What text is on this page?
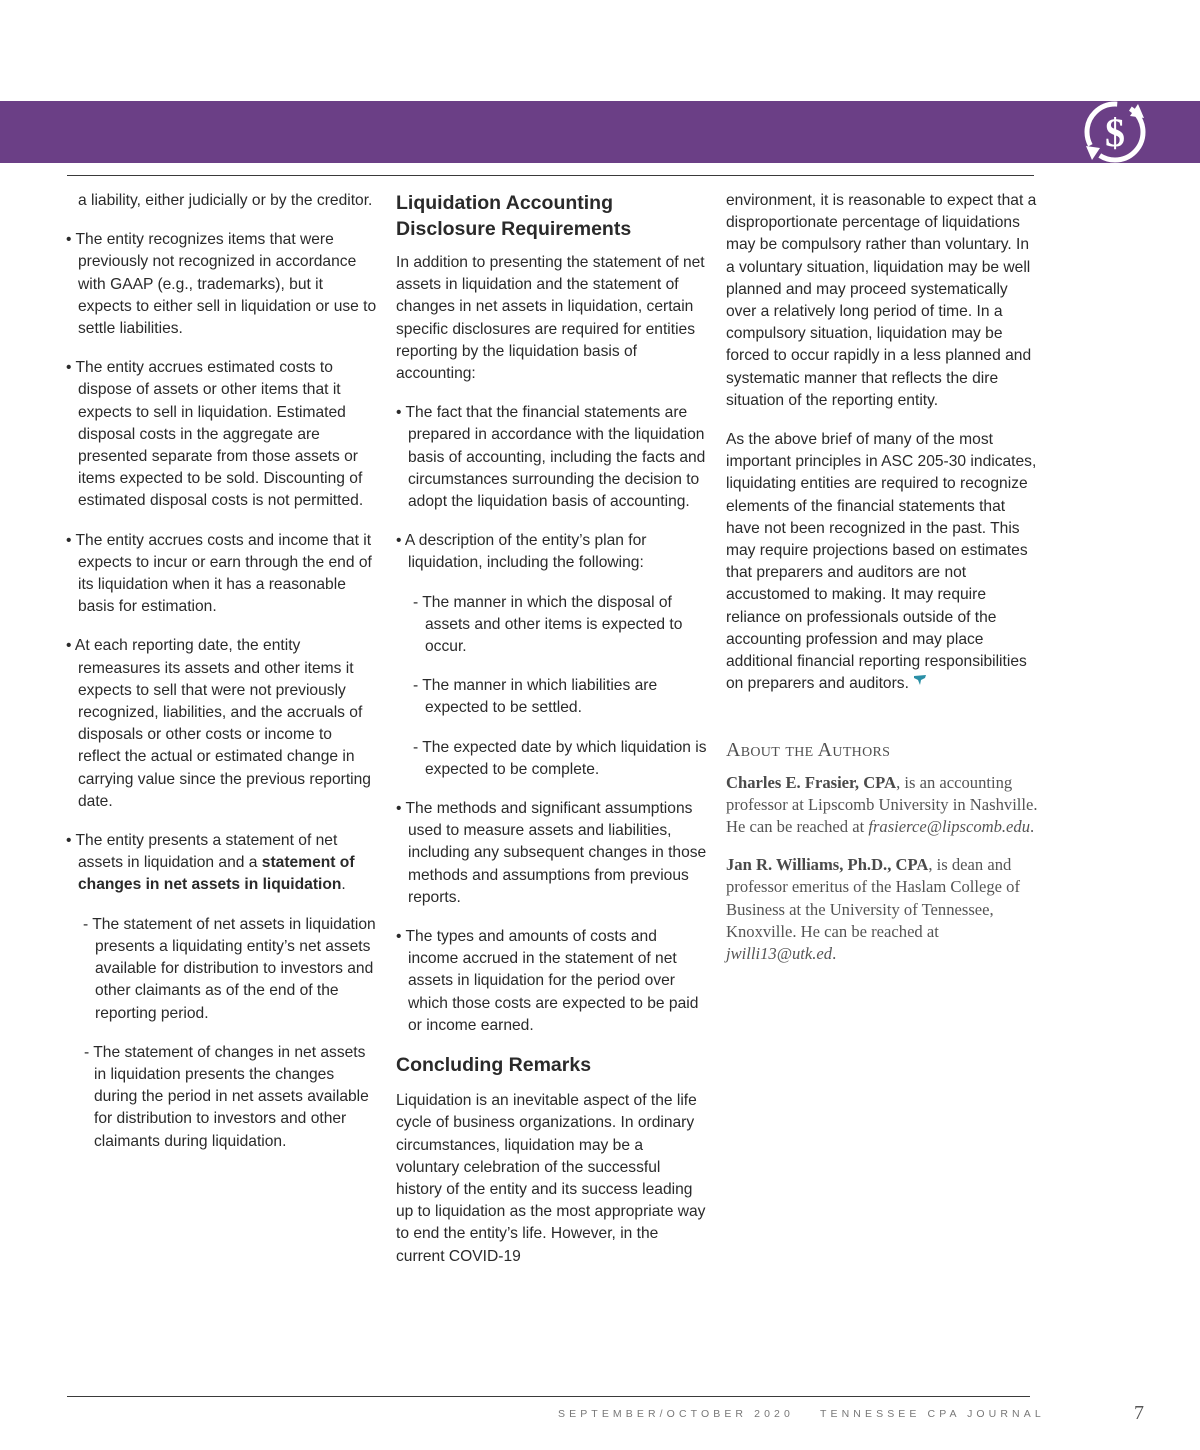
$

a liability, either judicially or by the creditor.

• The entity recognizes items that were previously not recognized in accordance with GAAP (e.g., trademarks), but it expects to either sell in liquidation or use to settle liabilities.

• The entity accrues estimated costs to dispose of assets or other items that it expects to sell in liquidation. Estimated disposal costs in the aggregate are presented separate from those assets or items expected to be sold. Discounting of estimated disposal costs is not permitted.

• The entity accrues costs and income that it expects to incur or earn through the end of its liquidation when it has a reasonable basis for estimation.

• At each reporting date, the entity remeasures its assets and other items it expects to sell that were not previously recognized, liabilities, and the accruals of disposals or other costs or income to reflect the actual or estimated change in carrying value since the previous reporting date.

• The entity presents a statement of net assets in liquidation and a statement of changes in net assets in liquidation.

- The statement of net assets in liquidation presents a liquidating entity’s net assets available for distribution to investors and other claimants as of the end of the reporting period.

- The statement of changes in net assets in liquidation presents the changes during the period in net assets available for distribution to investors and other claimants during liquidation.

Liquidation Accounting Disclosure Requirements

In addition to presenting the statement of net assets in liquidation and the statement of changes in net assets in liquidation, certain specific disclosures are required for entities reporting by the liquidation basis of accounting:

• The fact that the financial statements are prepared in accordance with the liquidation basis of accounting, including the facts and circumstances surrounding the decision to adopt the liquidation basis of accounting.

• A description of the entity’s plan for liquidation, including the following:

- The manner in which the disposal of assets and other items is expected to occur.

- The manner in which liabilities are expected to be settled.

- The expected date by which liquidation is expected to be complete.

• The methods and significant assumptions used to measure assets and liabilities, including any subsequent changes in those methods and assumptions from previous reports.

• The types and amounts of costs and income accrued in the statement of net assets in liquidation for the period over which those costs are expected to be paid or income earned.

Concluding Remarks

Liquidation is an inevitable aspect of the life cycle of business organizations. In ordinary circumstances, liquidation may be a voluntary celebration of the successful history of the entity and its success leading up to liquidation as the most appropriate way to end the entity’s life. However, in the current COVID-19

environment, it is reasonable to expect that a disproportionate percentage of liquidations may be compulsory rather than voluntary. In a voluntary situation, liquidation may be well planned and may proceed systematically over a relatively long period of time. In a compulsory situation, liquidation may be forced to occur rapidly in a less planned and systematic manner that reflects the dire situation of the reporting entity.

As the above brief of many of the most important principles in ASC 205-30 indicates, liquidating entities are required to recognize elements of the financial statements that have not been recognized in the past. This may require projections based on estimates that preparers and auditors are not accustomed to making. It may require reliance on professionals outside of the accounting profession and may place additional financial reporting responsibilities on preparers and auditors.

About the Authors

Charles E. Frasier, CPA, is an accounting professor at Lipscomb University in Nashville. He can be reached at frasierce@lipscomb.edu.

Jan R. Williams, Ph.D., CPA, is dean and professor emeritus of the Haslam College of Business at the University of Tennessee, Knoxville. He can be reached at jwilli13@utk.ed.

SEPTEMBER/OCTOBER 2020 TENNESSEE CPA JOURNAL	7
